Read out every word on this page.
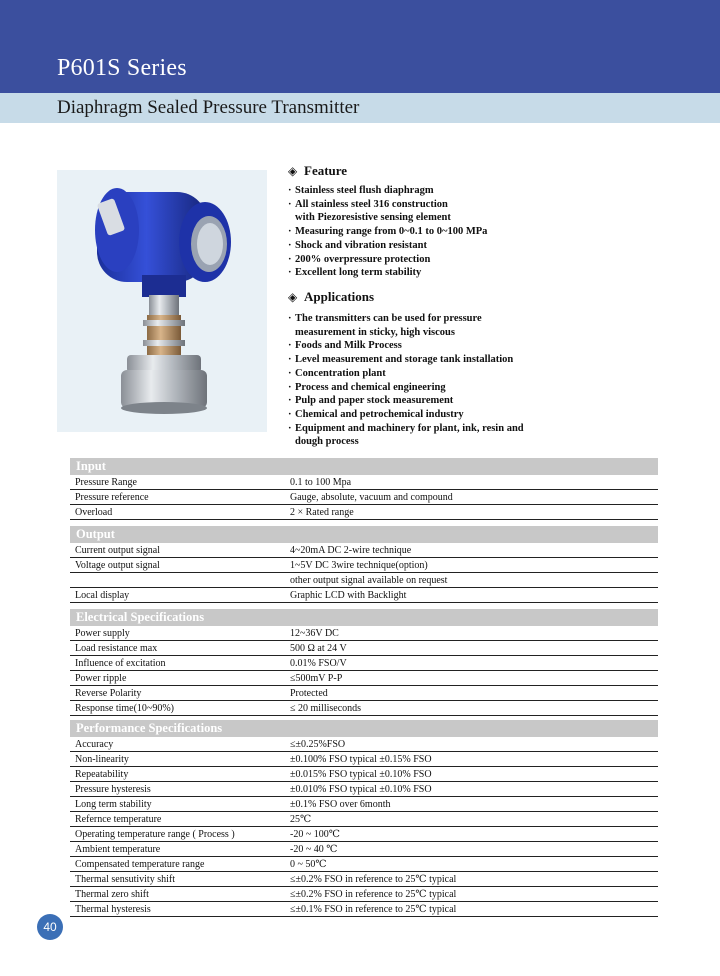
P601S Series
Diaphragm Sealed Pressure Transmitter
◈ Feature
· Stainless steel flush diaphragm
· All stainless steel 316 construction
with Piezoresistive sensing element
· Measuring range from 0~0.1 to 0~100 MPa
· Shock and vibration resistant
· 200% overpressure protection
· Excellent long term stability
◈ Applications
· The transmitters can be used for pressure
measurement in sticky, high viscous
· Foods and Milk Process
· Level measurement and storage tank installation
· Concentration plant
· Process and chemical engineering
· Pulp and paper stock measurement
· Chemical and petrochemical industry
· Equipment and machinery for plant, ink, resin and
dough process
Input
Pressure Range	0.1 to 100 Mpa
Pressure reference	Gauge, absolute, vacuum and compound
Overload	2 × Rated range
Output
Current output signal	4~20mA DC 2-wire technique
Voltage output signal	1~5V DC 3wire technique(option)
other output signal available on request
Local display	Graphic LCD with Backlight
Electrical Specifications
Power supply	12~36V DC
Load resistance max	500 Ω at 24 V
Influence of excitation	0.01% FSO/V
Power ripple	≤500mV P-P
Reverse Polarity	Protected
Response time(10~90%)	≤ 20 milliseconds
Performance Specifications
Accuracy	≤±0.25%FSO
Non-linearity	±0.100% FSO typical ±0.15% FSO
Repeatability	±0.015% FSO typical ±0.10% FSO
Pressure hysteresis	±0.010% FSO typical ±0.10% FSO
Long term stability	±0.1% FSO over 6month
Refernce temperature	25℃
Operating temperature range ( Process )	-20 ~ 100℃
Ambient temperature	-20 ~ 40 ℃
Compensated temperature range	0 ~ 50℃
Thermal sensutivity shift	≤±0.2% FSO in reference to 25℃ typical
Thermal zero shift	≤±0.2% FSO in reference to 25℃ typical
Thermal hysteresis	≤±0.1% FSO in reference to 25℃ typical
40
